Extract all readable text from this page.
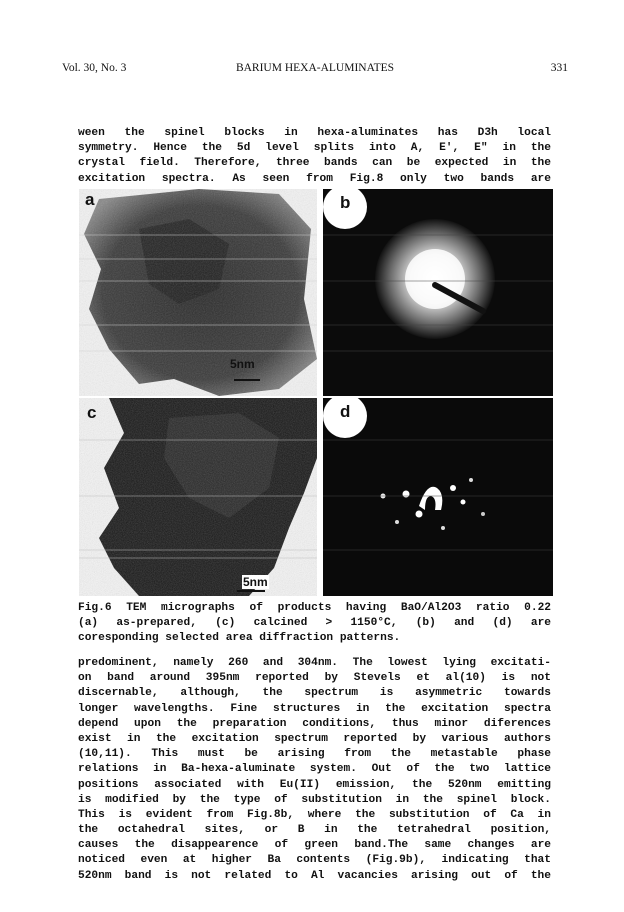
Vol. 30, No. 3	BARIUM HEXA-ALUMINATES	331
ween the spinel blocks in hexa-aluminates has D3h local
symmetry. Hence the 5d level splits into A, E', E" in the
crystal field. Therefore, three bands can be expected in the
excitation spectra. As seen from Fig.8 only two bands are
a
5nm
b
c
5nm
d
Fig.6 TEM micrographs of products having BaO/Al2O3 ratio 0.22
(a) as-prepared, (c) calcined > 1150°C, (b) and (d) are
coresponding selected area diffraction patterns.
predominent, namely 260 and 304nm. The lowest lying excitati-
on band around 395nm reported by Stevels et al(10) is not
discernable, although, the spectrum is asymmetric towards
longer wavelengths. Fine structures in the excitation spectra
depend upon the preparation conditions, thus minor diferences
exist in the excitation spectrum reported by various authors
(10,11). This must be arising from the metastable phase
relations in Ba-hexa-aluminate system. Out of the two lattice
positions associated with Eu(II) emission, the 520nm emitting
is modified by the type of substitution in the spinel block.
This is evident from Fig.8b, where the substitution of Ca in
the octahedral sites, or B in the tetrahedral position,
causes the disappearence of green band.The same changes are
noticed even at higher Ba contents (Fig.9b), indicating that
520nm band is not related to Al vacancies arising out of the
